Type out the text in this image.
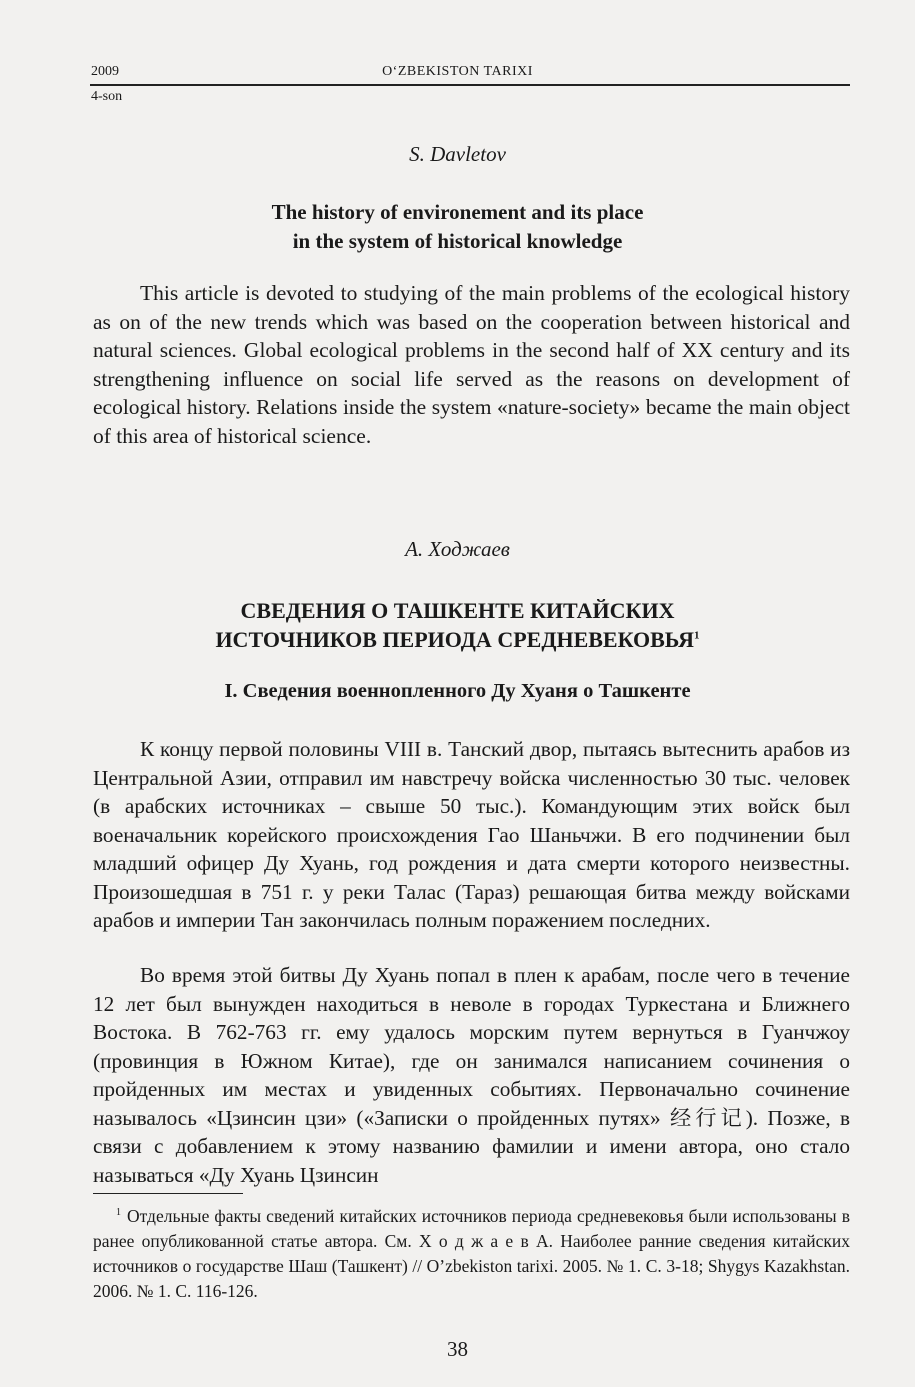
2009	O‘ZBEKISTON TARIXI
4-son
S. Davletov
The history of environement and its place
in the system of historical knowledge

This article is devoted to studying of the main problems of the ecological history as on of the new trends which was based on the cooperation between historical and natural sciences. Global ecological problems in the second half of XX century and its strengthening influence on social life served as the reasons on development of ecological history. Relations inside the system «nature-society» became the main object of this area of historical science.

А. Ходжаев
СВЕДЕНИЯ О ТАШКЕНТЕ КИТАЙСКИХ
ИСТОЧНИКОВ ПЕРИОДА СРЕДНЕВЕКОВЬЯ$^1$
I. Сведения военнопленного Ду Хуаня о Ташкенте

К концу первой половины VIII в. Танский двор, пытаясь вытеснить арабов из Центральной Азии, отправил им навстречу войска численностью 30 тыс. человек (в арабских источниках – свыше 50 тыс.). Командующим этих войск был военачальник корейского происхождения Гао Шаньчжи. В его подчинении был младший офицер Ду Хуань, год рождения и дата смерти которого неизвестны. Произошедшая в 751 г. у реки Талас (Тараз) решающая битва между войсками арабов и империи Тан закончилась полным поражением последних.

Во время этой битвы Ду Хуань попал в плен к арабам, после чего в течение 12 лет был вынужден находиться в неволе в городах Туркестана и Ближнего Востока. В 762-763 гг. ему удалось морским путем вернуться в Гуанчжоу (провинция в Южном Китае), где он занимался написанием сочинения о пройденных им местах и увиденных событиях. Первоначально сочинение называлось «Цзинсин цзи» («Записки о пройденных путях» 经行记). Позже, в связи с добавлением к этому названию фамилии и имени автора, оно стало называться «Ду Хуань Цзинсин

$^1$ Отдельные факты сведений китайских источников периода средневековья были использованы в ранее опубликованной статье автора. См. Х о д ж а е в А. Наиболее ранние сведения китайских источников о государстве Шаш (Ташкент) // O’zbekiston tarixi. 2005. № 1. С. 3-18; Shygys Kazakhstan. 2006. № 1. С. 116-126.

38
